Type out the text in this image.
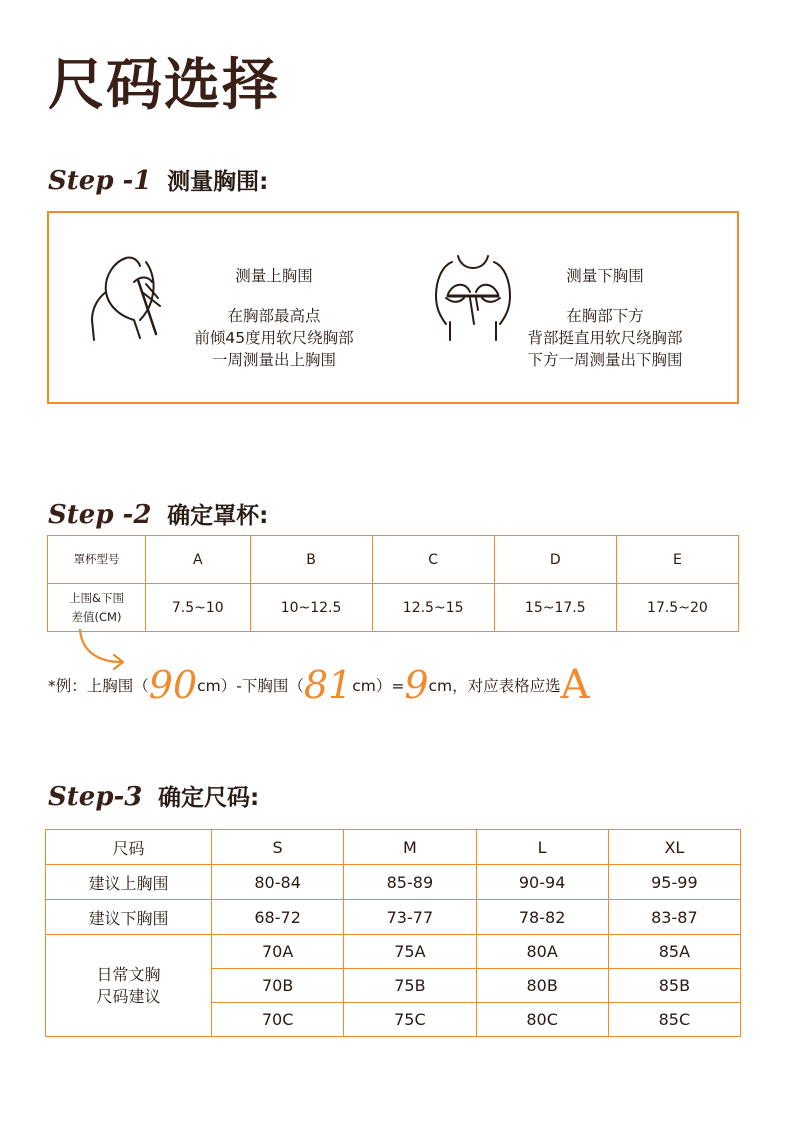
尺码选择
Step -1 测量胸围:
测量上胸围
在胸部最高点
前倾45度用软尺绕胸部
一周测量出上胸围
测量下胸围
在胸部下方
背部挺直用软尺绕胸部
下方一周测量出下胸围
Step -2 确定罩杯:
罩杯型号	A	B	C	D	E

上围&下围
差值(CM)	7.5~10	10~12.5	12.5~15	15~17.5	17.5~20
*例：上胸围（ 90 cm）-下胸围（ 81 cm）= 9 cm，对应表格应选 A
Step-3 确定尺码:
尺码	S	M	L	XL
建议上胸围	80-84	85-89	90-94	95-99
建议下胸围	68-72	73-77	78-82	83-87

日常文胸
尺码建议	70A	75A	80A	85A
	70B	75B	80B	85B
	70C	75C	80C	85C
